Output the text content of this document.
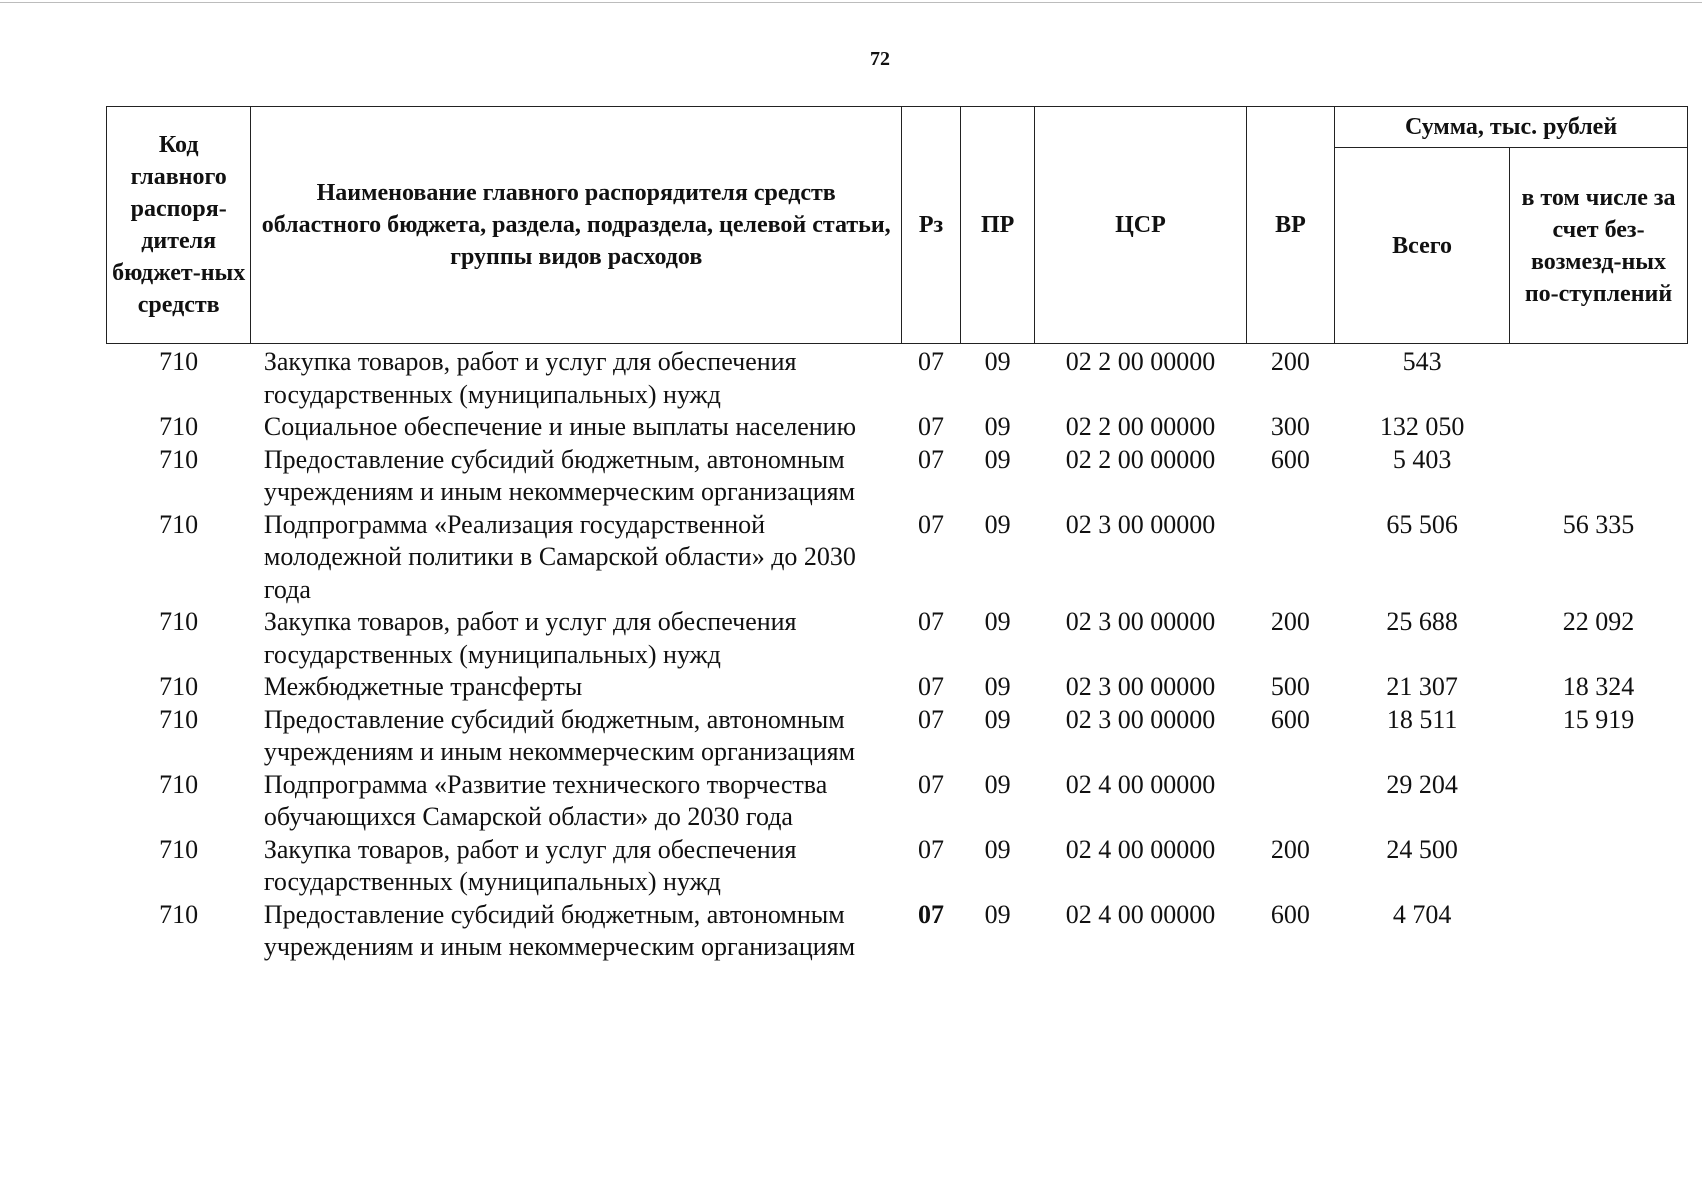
72
Код главного распоря-дителя бюджет-ных средств	Наименование главного распорядителя средств областного бюджета, раздела, подраздела, целевой статьи, группы видов расходов	Рз	ПР	ЦСР	ВР	Сумма, тыс. рублей	
						Всего	в том числе за счет без-возмезд-ных по-ступлений
710	Закупка товаров, работ и услуг для обеспечения государственных (муниципальных) нужд	07	09	02 2 00 00000	200	543	
710	Социальное обеспечение и иные выплаты населению	07	09	02 2 00 00000	300	132 050	
710	Предоставление субсидий бюджетным, автономным учреждениям и иным некоммерческим организациям	07	09	02 2 00 00000	600	5 403	
710	Подпрограмма «Реализация государственной молодежной политики в Самарской области» до 2030 года	07	09	02 3 00 00000		65 506	56 335
710	Закупка товаров, работ и услуг для обеспечения государственных (муниципальных) нужд	07	09	02 3 00 00000	200	25 688	22 092
710	Межбюджетные трансферты	07	09	02 3 00 00000	500	21 307	18 324
710	Предоставление субсидий бюджетным, автономным учреждениям и иным некоммерческим организациям	07	09	02 3 00 00000	600	18 511	15 919
710	Подпрограмма «Развитие технического творчества обучающихся Самарской области» до 2030 года	07	09	02 4 00 00000		29 204	
710	Закупка товаров, работ и услуг для обеспечения государственных (муниципальных) нужд	07	09	02 4 00 00000	200	24 500	
710	Предоставление субсидий бюджетным, автономным учреждениям и иным некоммерческим организациям	07	09	02 4 00 00000	600	4 704	
